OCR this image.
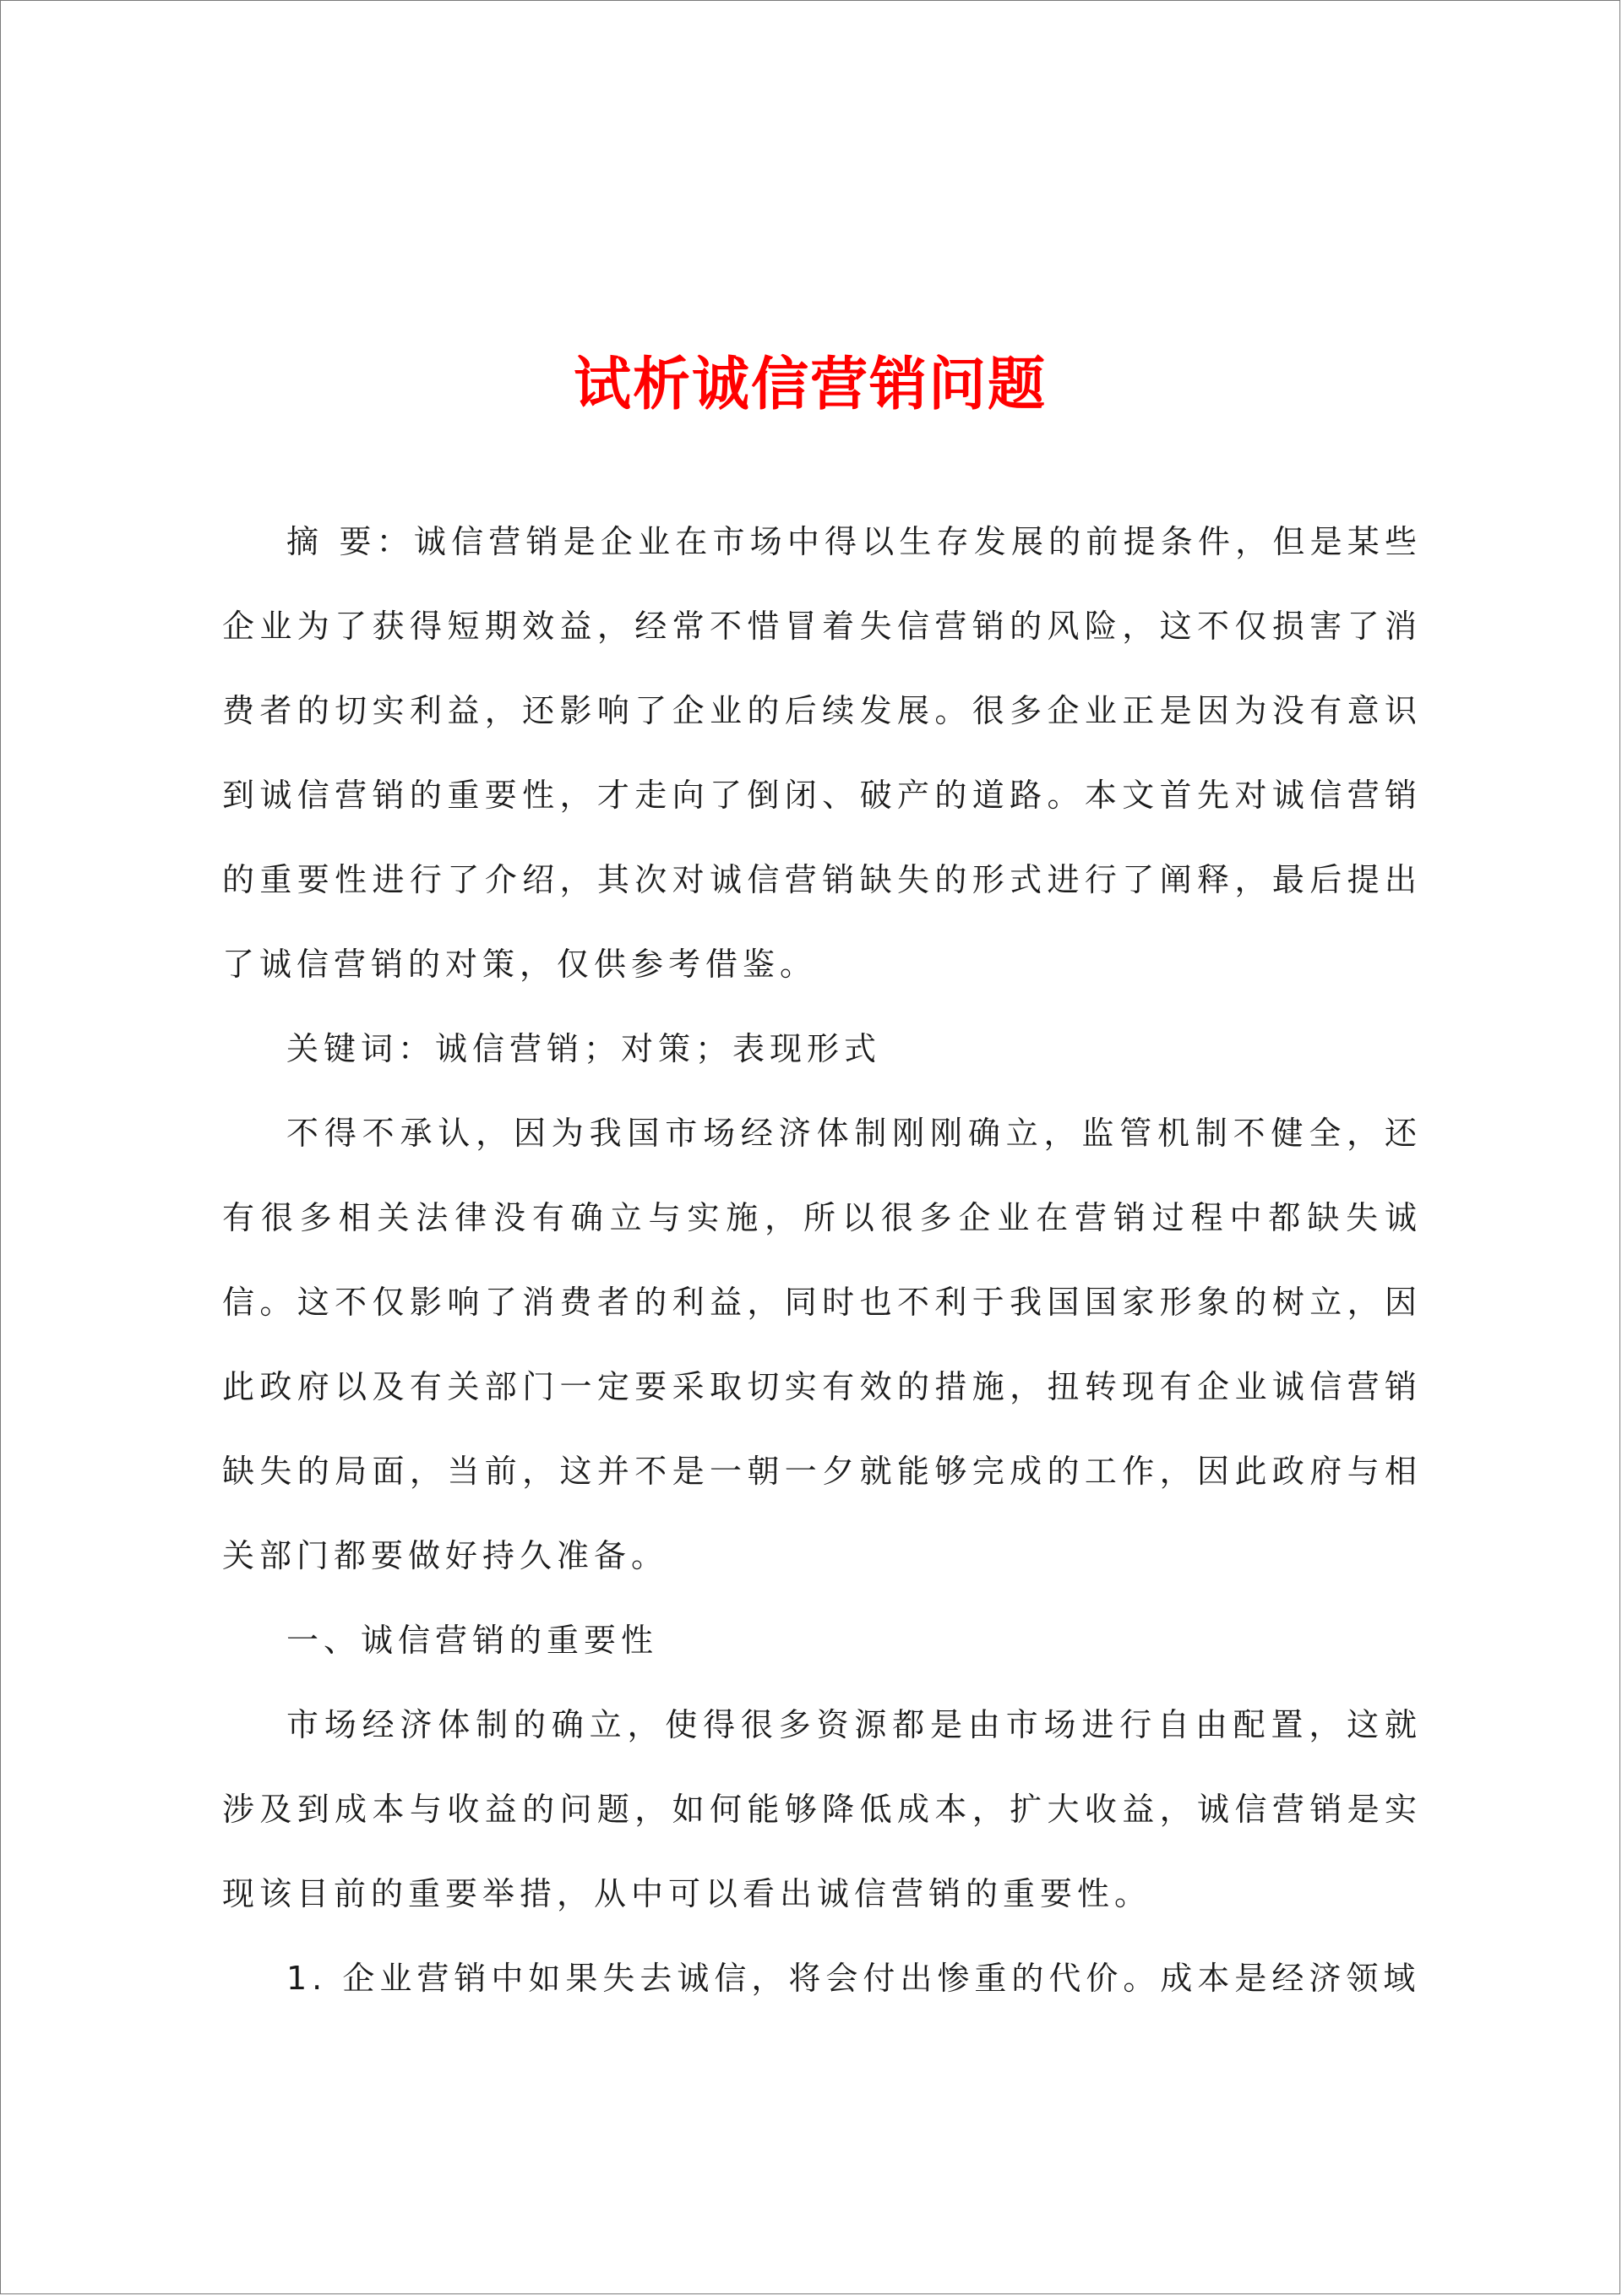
试析诚信营销问题

摘 要：诚信营销是企业在市场中得以生存发展的前提条件，但是某些企业为了获得短期效益，经常不惜冒着失信营销的风险，这不仅损害了消费者的切实利益，还影响了企业的后续发展。很多企业正是因为没有意识到诚信营销的重要性，才走向了倒闭、破产的道路。本文首先对诚信营销的重要性进行了介绍，其次对诚信营销缺失的形式进行了阐释，最后提出了诚信营销的对策，仅供参考借鉴。

关键词：诚信营销；对策；表现形式

不得不承认，因为我国市场经济体制刚刚确立，监管机制不健全，还有很多相关法律没有确立与实施，所以很多企业在营销过程中都缺失诚信。这不仅影响了消费者的利益，同时也不利于我国国家形象的树立，因此政府以及有关部门一定要采取切实有效的措施，扭转现有企业诚信营销缺失的局面，当前，这并不是一朝一夕就能够完成的工作，因此政府与相关部门都要做好持久准备。

一、诚信营销的重要性

市场经济体制的确立，使得很多资源都是由市场进行自由配置，这就涉及到成本与收益的问题，如何能够降低成本，扩大收益，诚信营销是实现该目前的重要举措，从中可以看出诚信营销的重要性。

1. 企业营销中如果失去诚信，将会付出惨重的代价。成本是经济领域
